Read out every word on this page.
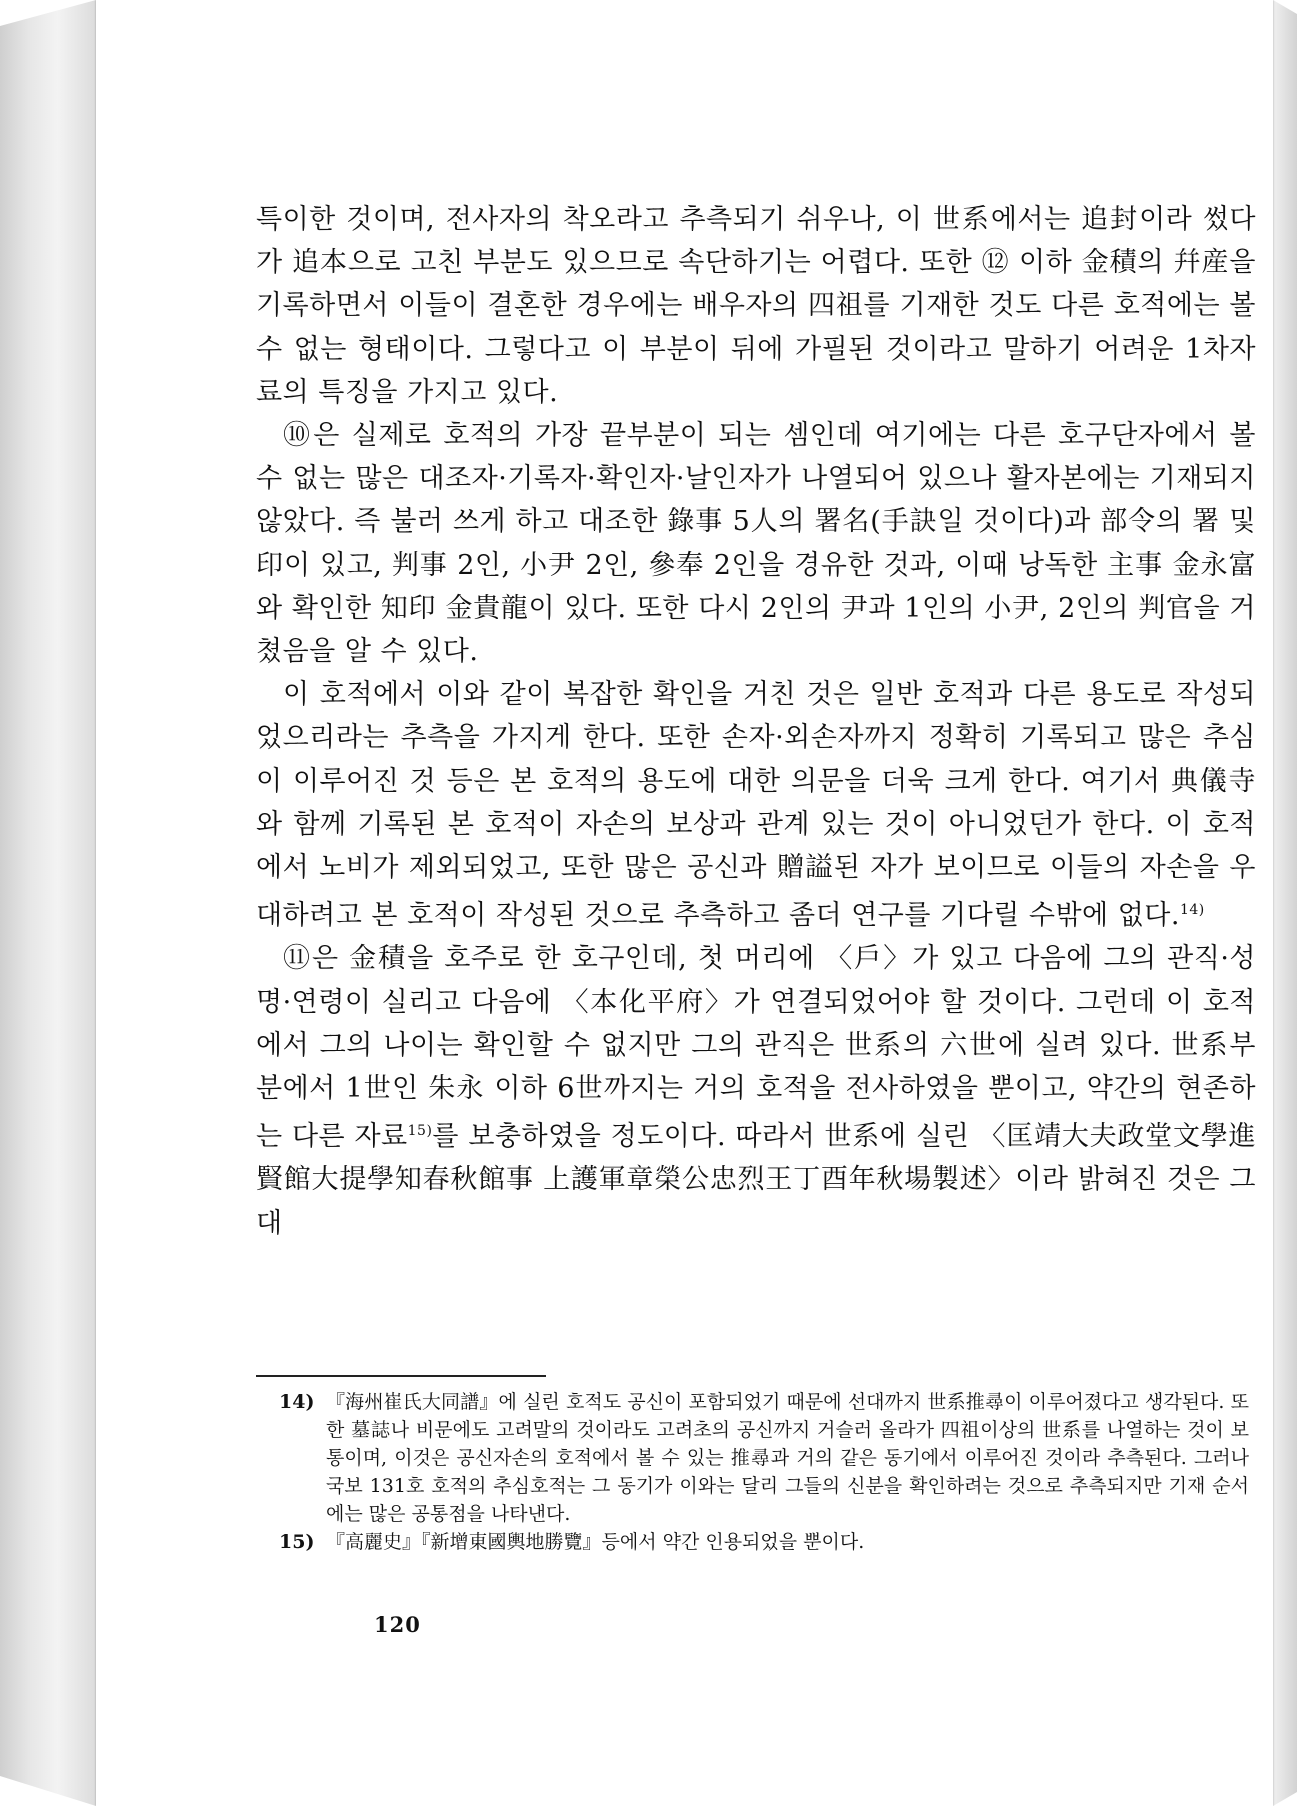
특이한 것이며, 전사자의 착오라고 추측되기 쉬우나, 이 世系에서는 追封이라 썼다가 追本으로 고친 부분도 있으므로 속단하기는 어렵다. 또한 ⑫ 이하 金積의 幷産을 기록하면서 이들이 결혼한 경우에는 배우자의 四祖를 기재한 것도 다른 호적에는 볼 수 없는 형태이다. 그렇다고 이 부분이 뒤에 가필된 것이라고 말하기 어려운 1차자료의 특징을 가지고 있다.

⑩은 실제로 호적의 가장 끝부분이 되는 셈인데 여기에는 다른 호구단자에서 볼 수 없는 많은 대조자·기록자·확인자·날인자가 나열되어 있으나 활자본에는 기재되지 않았다. 즉 불러 쓰게 하고 대조한 錄事 5人의 署名(手訣일 것이다)과 部令의 署 및 印이 있고, 判事 2인, 小尹 2인, 參奉 2인을 경유한 것과, 이때 낭독한 主事 金永富와 확인한 知印 金貴龍이 있다. 또한 다시 2인의 尹과 1인의 小尹, 2인의 判官을 거쳤음을 알 수 있다.

이 호적에서 이와 같이 복잡한 확인을 거친 것은 일반 호적과 다른 용도로 작성되었으리라는 추측을 가지게 한다. 또한 손자·외손자까지 정확히 기록되고 많은 추심이 이루어진 것 등은 본 호적의 용도에 대한 의문을 더욱 크게 한다. 여기서 典儀寺와 함께 기록된 본 호적이 자손의 보상과 관계 있는 것이 아니었던가 한다. 이 호적에서 노비가 제외되었고, 또한 많은 공신과 贈謚된 자가 보이므로 이들의 자손을 우대하려고 본 호적이 작성된 것으로 추측하고 좀더 연구를 기다릴 수밖에 없다.$^{14)}$

⑪은 金積을 호주로 한 호구인데, 첫 머리에 〈戶〉가 있고 다음에 그의 관직·성명·연령이 실리고 다음에 〈本化平府〉가 연결되었어야 할 것이다. 그런데 이 호적에서 그의 나이는 확인할 수 없지만 그의 관직은 世系의 六世에 실려 있다. 世系부분에서 1世인 朱永 이하 6世까지는 거의 호적을 전사하였을 뿐이고, 약간의 현존하는 다른 자료$^{15)}$를 보충하였을 정도이다. 따라서 世系에 실린 〈匡靖大夫政堂文學進賢館大提學知春秋館事 上護軍章榮公忠烈王丁酉年秋場製述〉이라 밝혀진 것은 그대

14) 『海州崔氏大同譜』에 실린 호적도 공신이 포함되었기 때문에 선대까지 世系推尋이 이루어졌다고 생각된다. 또한 墓誌나 비문에도 고려말의 것이라도 고려초의 공신까지 거슬러 올라가 四祖이상의 世系를 나열하는 것이 보통이며, 이것은 공신자손의 호적에서 볼 수 있는 推尋과 거의 같은 동기에서 이루어진 것이라 추측된다. 그러나 국보 131호 호적의 추심호적는 그 동기가 이와는 달리 그들의 신분을 확인하려는 것으로 추측되지만 기재 순서에는 많은 공통점을 나타낸다.
15) 『高麗史』『新增東國輿地勝覽』등에서 약간 인용되었을 뿐이다.
120
